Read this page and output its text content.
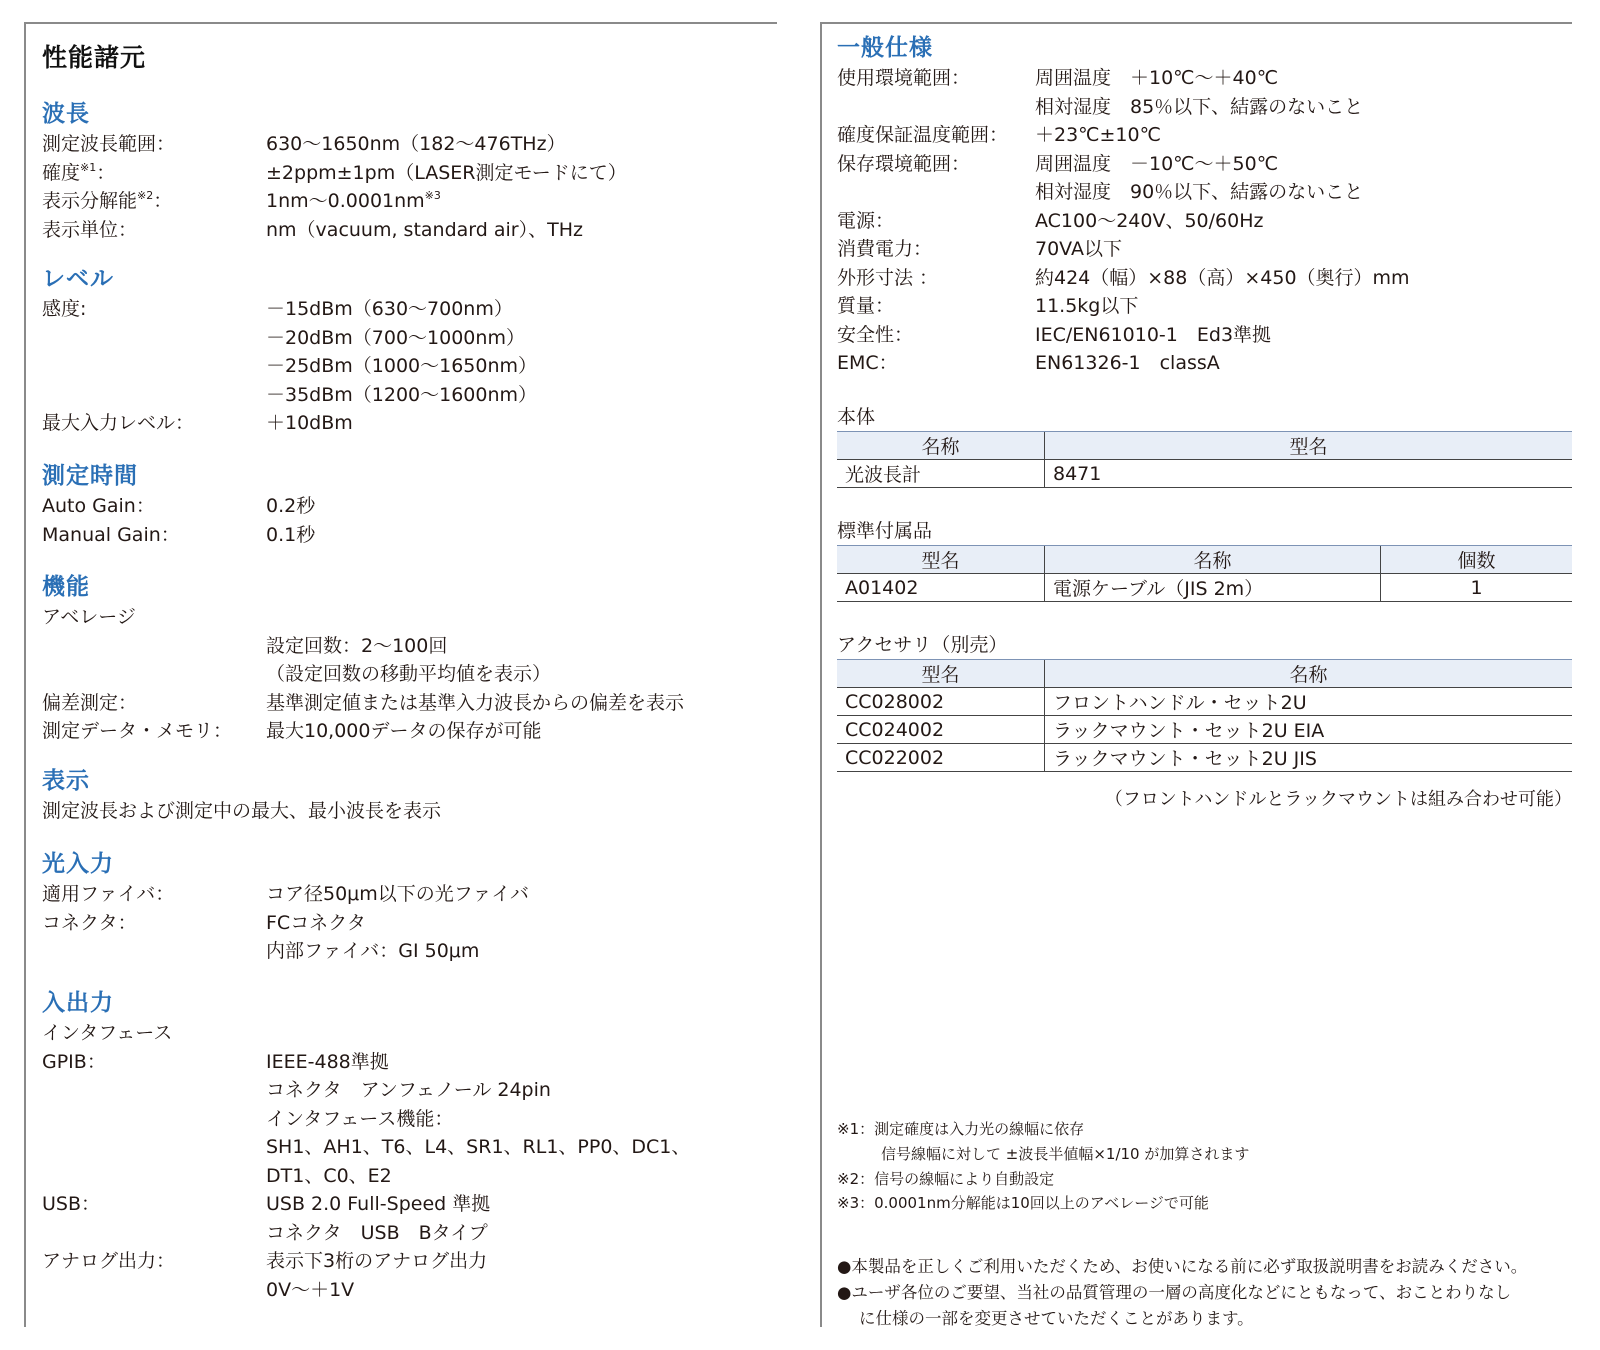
性能諸元
波長
測定波長範囲：	630～1650nm（182～476THz）
確度$^{※1}$：	±2ppm±1pm（LASER測定モードにて）
表示分解能$^{※2}$：	$1nm\sim 0.0001nm^{※3}$
表示単位：	nm（vacuum, standard air）、THz
レベル
感度:	－15dBm（630～700nm）
－20dBm（700～1000nm）
－25dBm（1000～1650nm）
－35dBm（1200～1600nm）
最大入力レベル：	＋10dBm
測定時間
Auto Gain：	0.2秒
Manual Gain：	0.1秒
機能
アベレージ
設定回数：2～100回
（設定回数の移動平均値を表示）
偏差測定：	基準測定値または基準入力波長からの偏差を表示
測定データ・メモリ： 最大10,000データの保存が可能
表示
測定波長および測定中の最大、最小波長を表示
光入力
適用ファイバ：	コア径50μm以下の光ファイバ
コネクタ：	FCコネクタ
内部ファイバ：GI 50μm
入出力
インタフェース
GPIB：	IEEE-488準拠
コネクタ　アンフェノール 24pin
インタフェース機能：
SH1、AH1、T6、L4、SR1、RL1、PP0、DC1、
DT1、C0、E2
USB：	USB 2.0 Full-Speed 準拠
コネクタ　USB　Bタイプ
アナログ出力：	表示下3桁のアナログ出力
0V～＋1V
一般仕様
使用環境範囲：	周囲温度　＋10℃～＋40℃
相対湿度　85％以下、結露のないこと
確度保証温度範囲： ＋23℃±10℃
保存環境範囲：	周囲温度　－10℃～＋50℃
相対湿度　90％以下、結露のないこと
電源：	AC100～240V、50/60Hz
消費電力：	70VA以下
外形寸法 ：	約424（幅）×88（高）×450（奥行）mm
質量：	11.5kg以下
安全性：	IEC/EN61010-1　Ed3準拠
EMC：	EN61326-1　classA
本体
名称	型名
光波長計	8471
標準付属品
型名	名称	個数
A01402	電源ケーブル（JIS 2m）	1
アクセサリ（別売）
型名	名称
CC028002	フロントハンドル・セット2U
CC024002	ラックマウント・セット2U EIA
CC022002	ラックマウント・セット2U JIS
（フロントハンドルとラックマウントは組み合わせ可能）
※1：測定確度は入力光の線幅に依存
信号線幅に対して ±波長半値幅×1/10 が加算されます
※2：信号の線幅により自動設定
※3：0.0001nm分解能は10回以上のアベレージで可能
●本製品を正しくご利用いただくため、お使いになる前に必ず取扱説明書をお読みください。
●ユーザ各位のご要望、当社の品質管理の一層の高度化などにともなって、おことわりなし
に仕様の一部を変更させていただくことがあります。
